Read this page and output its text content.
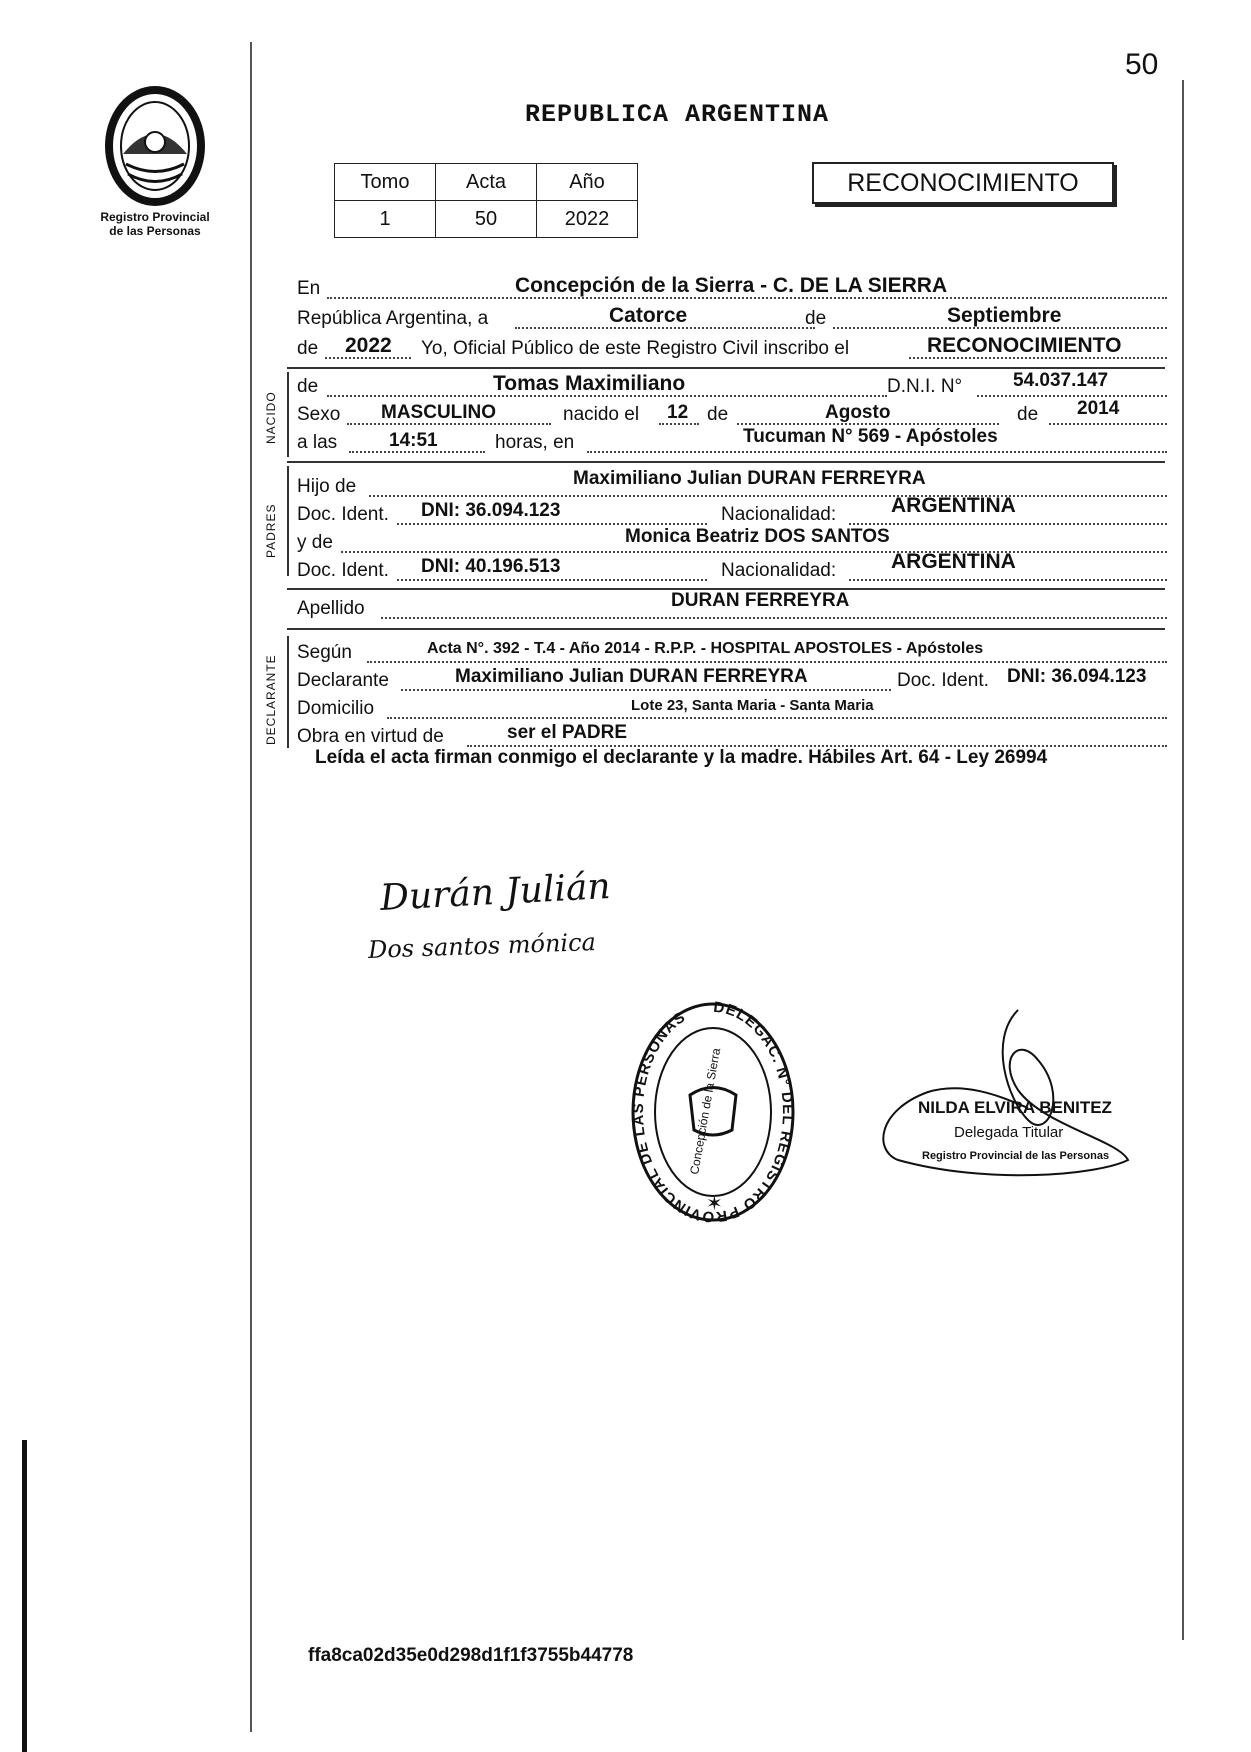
Registro Provincial
de las Personas
50
REPUBLICA ARGENTINA
Tomo	Acta	Año
1	50	2022
RECONOCIMIENTO
En	Concepción de la Sierra - C. DE LA SIERRA
República Argentina, a	Catorce	de	Septiembre
de 2022 Yo, Oficial Público de este Registro Civil inscribo el	RECONOCIMIENTO
NACIDO
de	Tomas Maximiliano	D.N.I. N°	54.037.147
Sexo MASCULINO	nacido el 12 de	Agosto	de 2014
a las	14:51	horas, en	Tucuman N° 569 - Apóstoles
PADRES
Hijo de	Maximiliano Julian DURAN FERREYRA
Doc. Ident. DNI: 36.094.123	Nacionalidad:	ARGENTINA
y de	Monica Beatriz DOS SANTOS
Doc. Ident. DNI: 40.196.513	Nacionalidad:	ARGENTINA
Apellido	DURAN FERREYRA
DECLARANTE
Según	Acta N°. 392 - T.4 - Año 2014 - R.P.P. - HOSPITAL APOSTOLES - Apóstoles
Declarante	Maximiliano Julian DURAN FERREYRA	Doc. Ident. DNI: 36.094.123
Domicilio	Lote 23, Santa Maria - Santa Maria
Obra en virtud de	ser el PADRE
Leída el acta firman conmigo el declarante y la madre. Hábiles Art. 64 - Ley 26994
Durán Julián
Dos santos mónica
DELEGAC. N° DEL REGISTRO PROVINCIAL DE LAS PERSONAS
Concepción de la Sierra
✶
NILDA ELVIRA BENITEZ
Delegada Titular
Registro Provincial de las Personas
ffa8ca02d35e0d298d1f1f3755b44778
